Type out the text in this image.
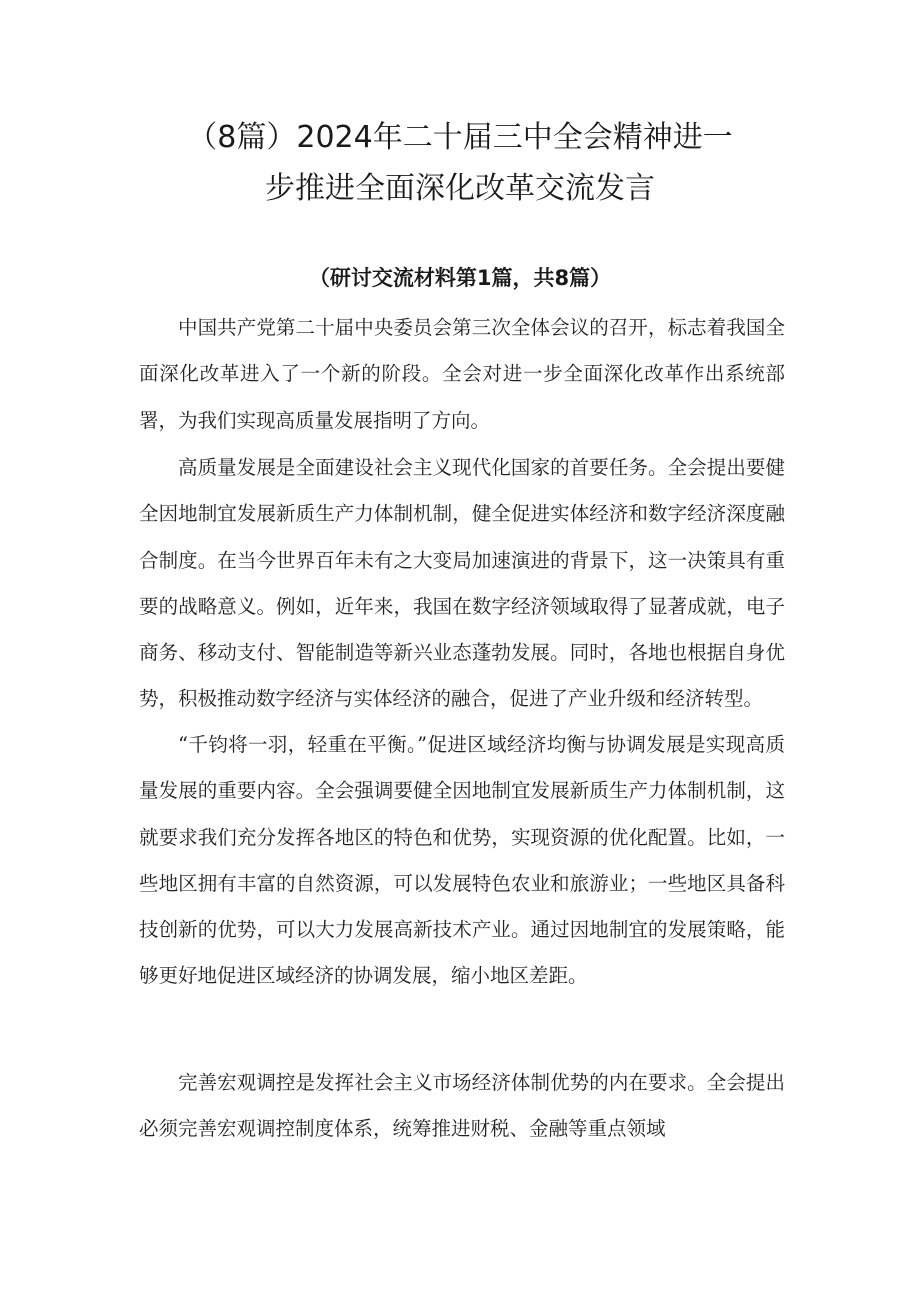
（8篇）2024年二十届三中全会精神进一
步推进全面深化改革交流发言
（研讨交流材料第1篇，共8篇）

中国共产党第二十届中央委员会第三次全体会议的召开，标志着我国全面深化改革进入了一个新的阶段。全会对进一步全面深化改革作出系统部署，为我们实现高质量发展指明了方向。

高质量发展是全面建设社会主义现代化国家的首要任务。全会提出要健全因地制宜发展新质生产力体制机制，健全促进实体经济和数字经济深度融合制度。在当今世界百年未有之大变局加速演进的背景下，这一决策具有重要的战略意义。例如，近年来，我国在数字经济领域取得了显著成就，电子商务、移动支付、智能制造等新兴业态蓬勃发展。同时，各地也根据自身优势，积极推动数字经济与实体经济的融合，促进了产业升级和经济转型。

“千钧将一羽，轻重在平衡。”促进区域经济均衡与协调发展是实现高质量发展的重要内容。全会强调要健全因地制宜发展新质生产力体制机制，这就要求我们充分发挥各地区的特色和优势，实现资源的优化配置。比如，一些地区拥有丰富的自然资源，可以发展特色农业和旅游业；一些地区具备科技创新的优势，可以大力发展高新技术产业。通过因地制宜的发展策略，能够更好地促进区域经济的协调发展，缩小地区差距。

完善宏观调控是发挥社会主义市场经济体制优势的内在要求。全会提出必须完善宏观调控制度体系，统筹推进财税、金融等重点领域
